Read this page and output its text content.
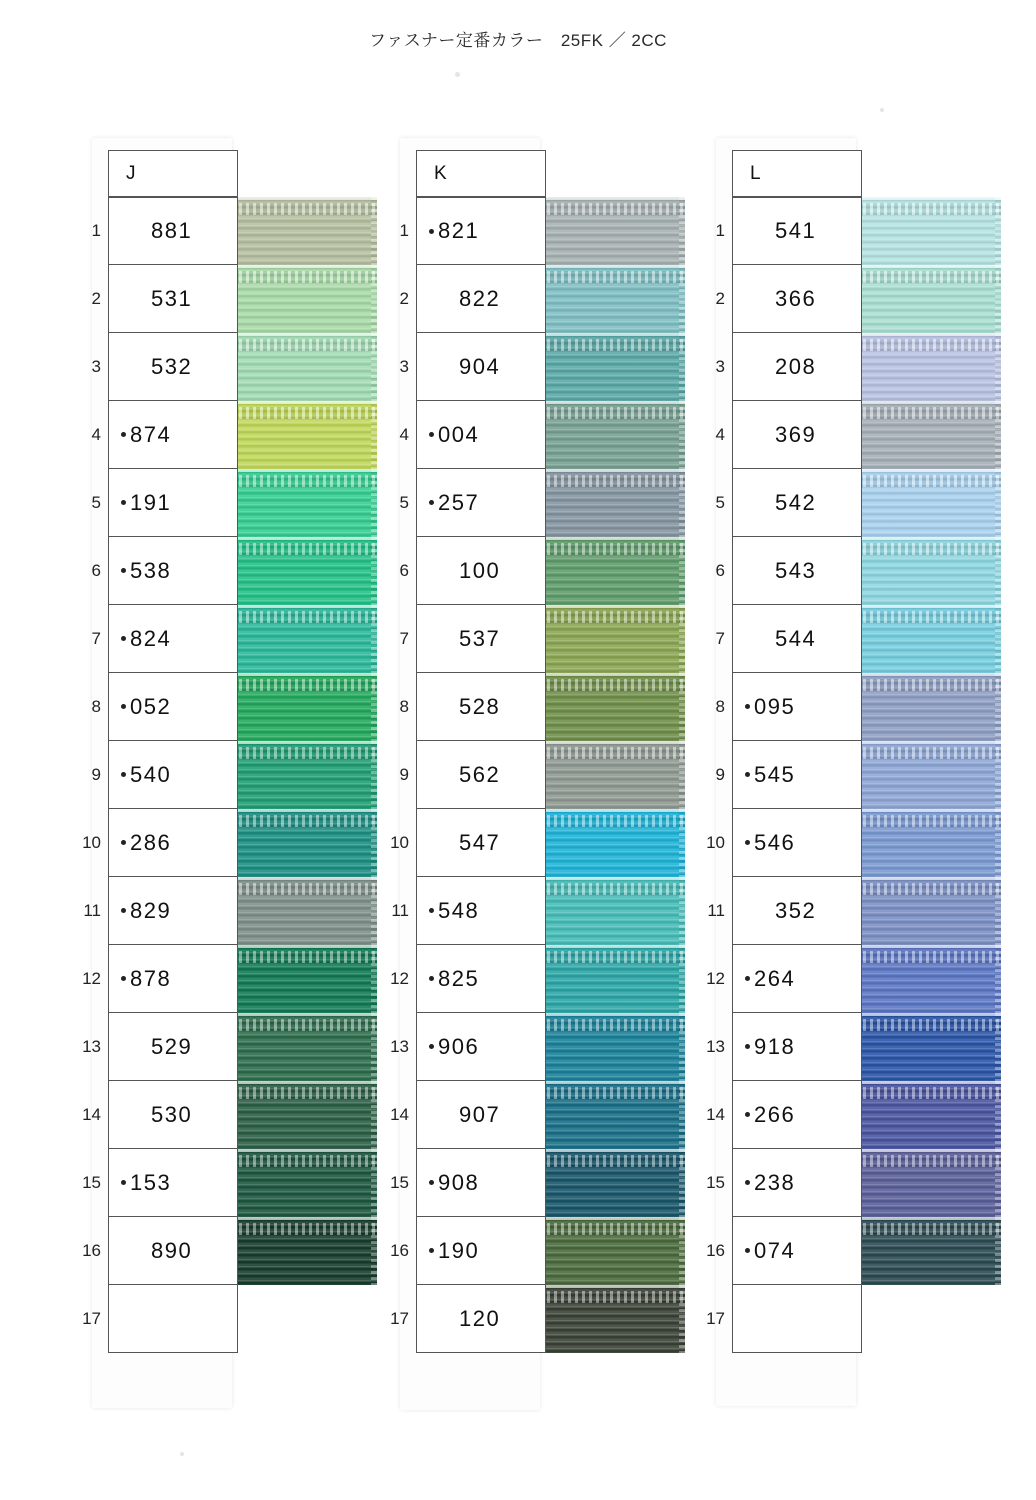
ファスナー定番カラー　25FK ／ 2CC
J
1 881
2 531
3 532
4 874
5 191
6 538
7 824
8 052
9 540
10 286
11 829
12 878
13 529
14 530
15 153
16 890
17
K
1 821
2 822
3 904
4 004
5 257
6 100
7 537
8 528
9 562
10 547
11 548
12 825
13 906
14 907
15 908
16 190
17 120
L
1 541
2 366
3 208
4 369
5 542
6 543
7 544
8 095
9 545
10 546
11 352
12 264
13 918
14 266
15 238
16 074
17
